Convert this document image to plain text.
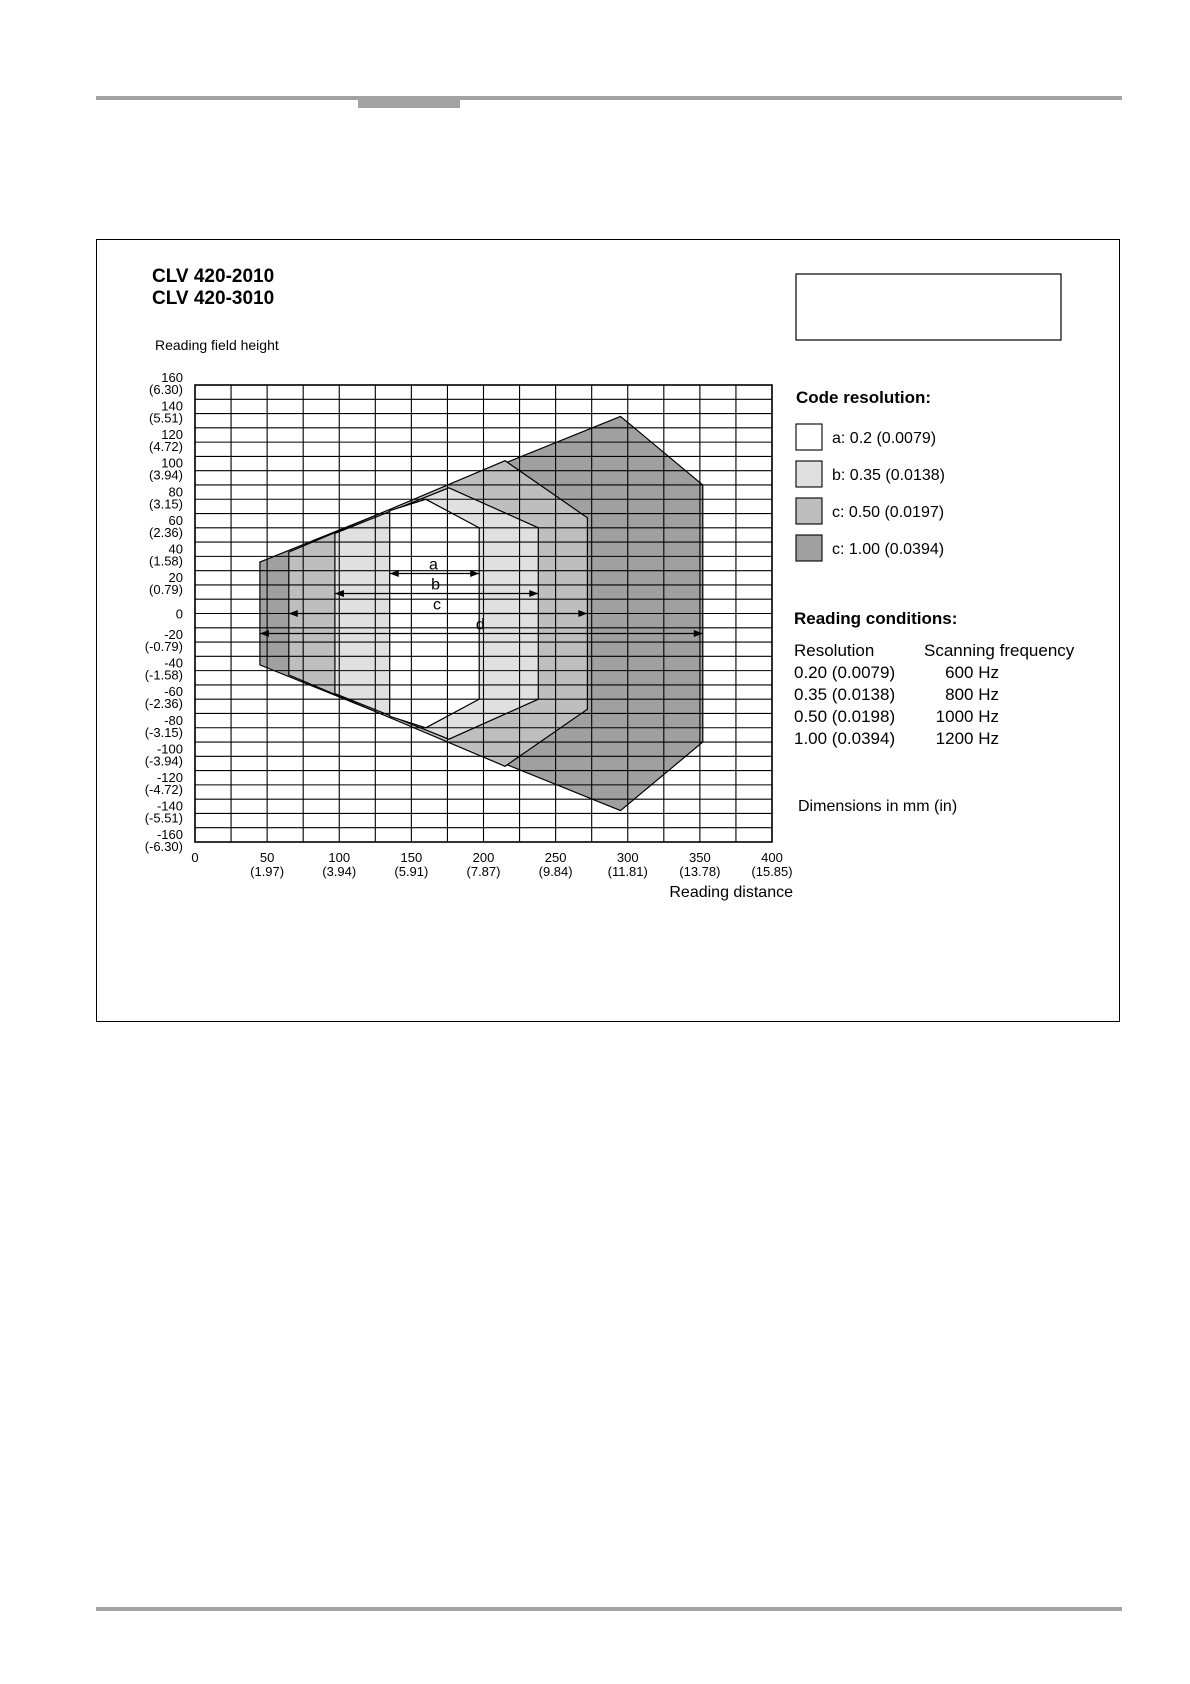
CLV 420-2010
CLV 420-3010
Reading field height
a
b
c
d
160
(6.30)
140
(5.51)
120
(4.72)
100
(3.94)
80
(3.15)
60
(2.36)
40
(1.58)
20
(0.79)
0
-20
(-0.79)
-40
(-1.58)
-60
(-2.36)
-80
(-3.15)
-100
(-3.94)
-120
(-4.72)
-140
(-5.51)
-160
(-6.30)
0	50
(1.97)
100
(3.94)
150
(5.91)
200
(7.87)
250
(9.84)
300
(11.81)
350
(13.78)
400
(15.85)
Reading distance
Code resolution:
a: 0.2 (0.0079)
b: 0.35 (0.0138)
c: 0.50 (0.0197)
c: 1.00 (0.0394)
Reading conditions:
Resolution	Scanning frequency
0.20 (0.0079)	600 Hz
0.35 (0.0138)	800 Hz
0.50 (0.0198) 1000 Hz
1.00 (0.0394) 1200 Hz
Dimensions in mm (in)
